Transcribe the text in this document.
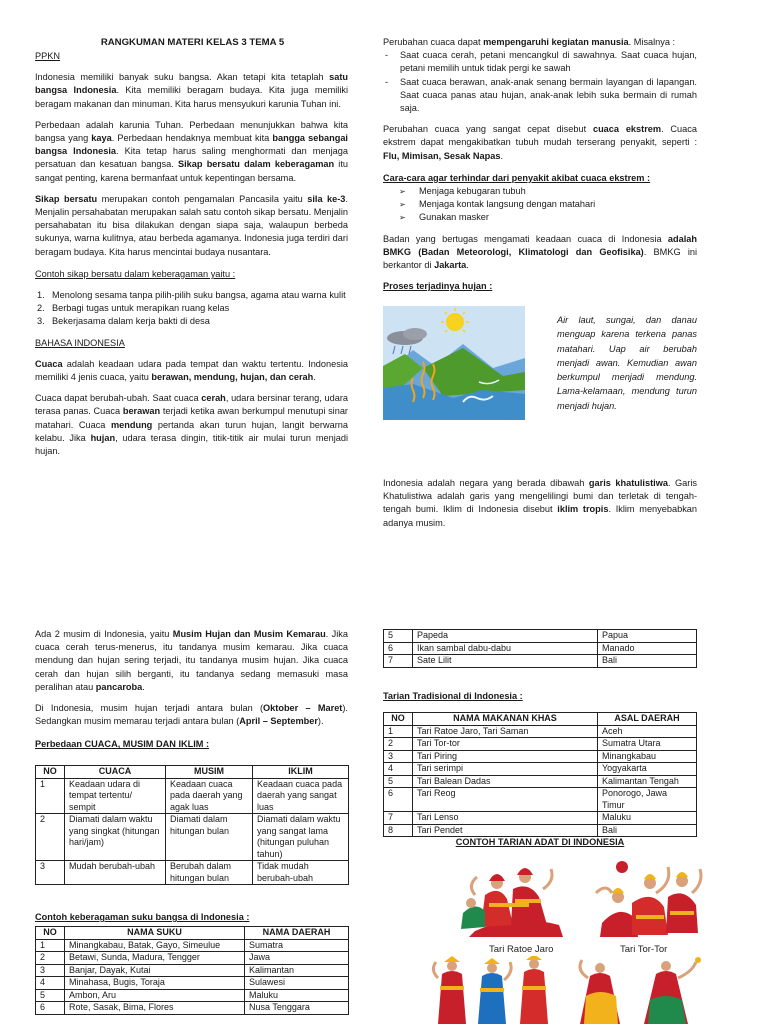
RANGKUMAN MATERI KELAS 3 TEMA 5
PPKN

Indonesia memiliki banyak suku bangsa. Akan tetapi kita tetaplah satu bangsa Indonesia. Kita memiliki beragam budaya. Kita juga memiliki beragam makanan dan minuman. Kita harus mensyukuri karunia Tuhan ini.

Perbedaan adalah karunia Tuhan. Perbedaan menunjukkan bahwa kita bangsa yang kaya. Perbedaan hendaknya membuat kita bangga sebangai bangsa Indonesia. Kita tetap harus saling menghormati dan menjaga persatuan dan kesatuan bangsa. Sikap bersatu dalam keberagaman itu sangat penting, karena bermanfaat untuk kepentingan bersama.

Sikap bersatu merupakan contoh pengamalan Pancasila yaitu sila ke-3. Menjalin persahabatan merupakan salah satu contoh sikap bersatu. Menjalin persahabatan itu bisa dilakukan dengan siapa saja, walaupun berbeda sukunya, warna kulitnya, atau berbeda agamanya. Indonesia juga terdiri dari beragam budaya. Kita harus mencintai budaya nusantara.

Contoh sikap bersatu dalam keberagaman yaitu :
1. Menolong sesama tanpa pilih-pilih suku bangsa, agama atau warna kulit
2. Berbagi tugas untuk merapikan ruang kelas
3. Bekerjasama dalam kerja bakti di desa
BAHASA INDONESIA

Cuaca adalah keadaan udara pada tempat dan waktu tertentu. Indonesia memiliki 4 jenis cuaca, yaitu berawan, mendung, hujan, dan cerah.

Cuaca dapat berubah-ubah. Saat cuaca cerah, udara bersinar terang, udara terasa panas. Cuaca berawan terjadi ketika awan berkumpul menutupi sinar matahari. Cuaca mendung pertanda akan turun hujan, langit berwarna kelabu. Jika hujan, udara terasa dingin, titik-titik air mulai turun menjadi hujan.

Perubahan cuaca dapat mempengaruhi kegiatan manusia. Misalnya :

- Saat cuaca cerah, petani mencangkul di sawahnya. Saat cuaca hujan, petani memilih untuk tidak pergi ke sawah
- Saat cuaca berawan, anak-anak senang bermain layangan di lapangan. Saat cuaca panas atau hujan, anak-anak lebih suka bermain di rumah saja.

Perubahan cuaca yang sangat cepat disebut cuaca ekstrem. Cuaca ekstrem dapat mengakibatkan tubuh mudah terserang penyakit, seperti : Flu, Mimisan, Sesak Napas.

Cara-cara agar terhindar dari penyakit akibat cuaca ekstrem :
➢ Menjaga kebugaran tubuh
➢ Menjaga kontak langsung dengan matahari
➢ Gunakan masker

Badan yang bertugas mengamati keadaan cuaca di Indonesia adalah BMKG (Badan Meteorologi, Klimatologi dan Geofisika). BMKG ini berkantor di Jakarta.

Proses terjadinya hujan :
Air laut, sungai, dan danau menguap karena terkena panas matahari. Uap air berubah menjadi awan. Kemudian awan berkumpul menjadi mendung. Lama-kelamaan, mendung turun menjadi hujan.

Indonesia adalah negara yang berada dibawah garis khatulistiwa. Garis Khatulistiwa adalah garis yang mengelilingi bumi dan terletak di tengah-tengah bumi. Iklim di Indonesia disebut iklim tropis. Iklim menyebabkan adanya musim.

Ada 2 musim di Indonesia, yaitu Musim Hujan dan Musim Kemarau. Jika cuaca cerah terus-menerus, itu tandanya musim kemarau. Jika cuaca mendung dan hujan sering terjadi, itu tandanya musim hujan. Jika cuaca cerah dan hujan silih berganti, itu tandanya sedang memasuki masa peralihan atau pancaroba.

Di Indonesia, musim hujan terjadi antara bulan (Oktober – Maret). Sedangkan musim memarau terjadi antara bulan (April – September).

Perbedaan CUACA, MUSIM DAN IKLIM :
NO	CUACA	MUSIM	IKLIM
1	Keadaan udara di tempat tertentu/ sempit	Keadaan cuaca pada daerah yang agak luas	Keadaan cuaca pada daerah yang sangat luas
2	Diamati dalam waktu yang singkat (hitungan hari/jam)	Diamati dalam hitungan bulan	Diamati dalam waktu yang sangat lama (hitungan puluhan tahun)
3	Mudah berubah-ubah	Berubah dalam hitungan bulan	Tidak mudah berubah-ubah
Contoh keberagaman suku bangsa di Indonesia :
NO	NAMA SUKU	NAMA DAERAH
1	Minangkabau, Batak, Gayo, Simeulue	Sumatra
2	Betawi, Sunda, Madura, Tengger	Jawa
3	Banjar, Dayak, Kutai	Kalimantan
4	Minahasa, Bugis, Toraja	Sulawesi
5	Ambon, Aru	Maluku
6	Rote, Sasak, Bima, Flores	Nusa Tenggara
5	Papeda	Papua
6	Ikan sambal dabu-dabu	Manado
7	Sate Lilit	Bali
Tarian Tradisional di Indonesia :
NO	NAMA MAKANAN KHAS	ASAL DAERAH
1	Tari Ratoe Jaro, Tari Saman	Aceh
2	Tari Tor-tor	Sumatra Utara
3	Tari Piring	Minangkabau
4	Tari serimpi	Yogyakarta
5	Tari Balean Dadas	Kalimantan Tengah
6	Tari Reog	Ponorogo, Jawa Timur
7	Tari Lenso	Maluku
8	Tari Pendet	Bali
CONTOH TARIAN ADAT DI INDONESIA
Tari Ratoe Jaro	Tari Tor-Tor
